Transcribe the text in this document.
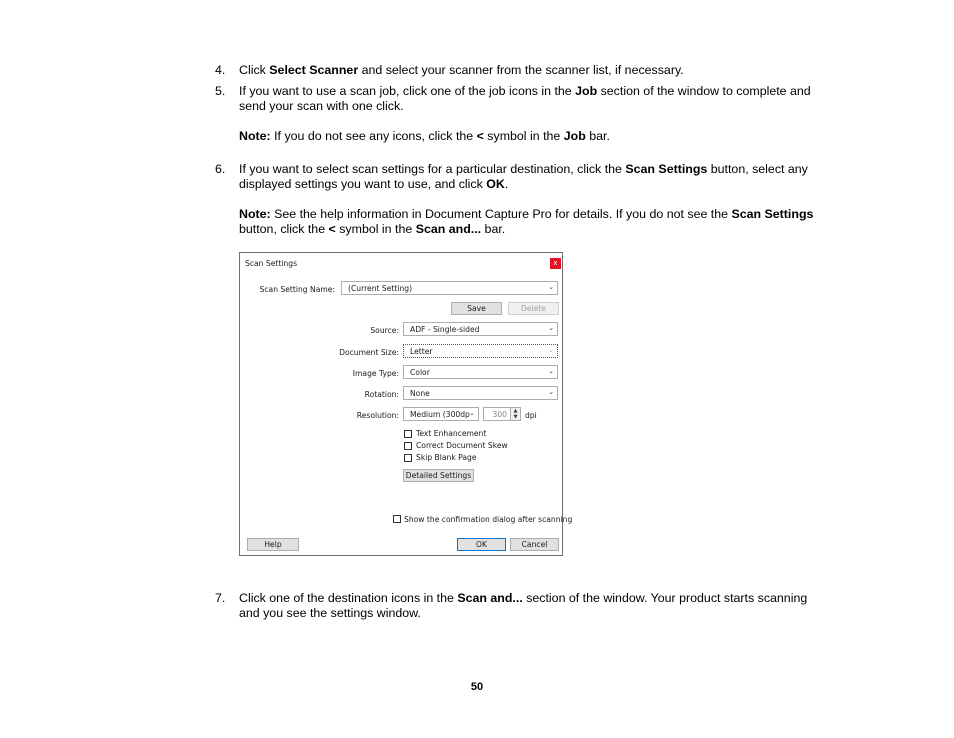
4. Click Select Scanner and select your scanner from the scanner list, if necessary.

5. If you want to use a scan job, click one of the job icons in the Job section of the window to complete and send your scan with one click.

Note: If you do not see any icons, click the < symbol in the Job bar.

6. If you want to select scan settings for a particular destination, click the Scan Settings button, select any displayed settings you want to use, and click OK.

Note: See the help information in Document Capture Pro for details. If you do not see the Scan Settings button, click the < symbol in the Scan and... bar.

Scan Settings	x
Scan Setting Name: (Current Setting)	⌄
Save	Delete
Source: ADF - Single-sided	⌄
Document Size: Letter	⌄
Image Type: Color	⌄
Rotation: None	⌄
Resolution: Medium (300dp ⌄ 300	▲
▼ dpi
Text Enhancement
Correct Document Skew
Skip Blank Page
Detailed Settings
Show the confirmation dialog after scanning
Help	OK	Cancel
7. Click one of the destination icons in the Scan and... section of the window. Your product starts scanning and you see the settings window.

50
